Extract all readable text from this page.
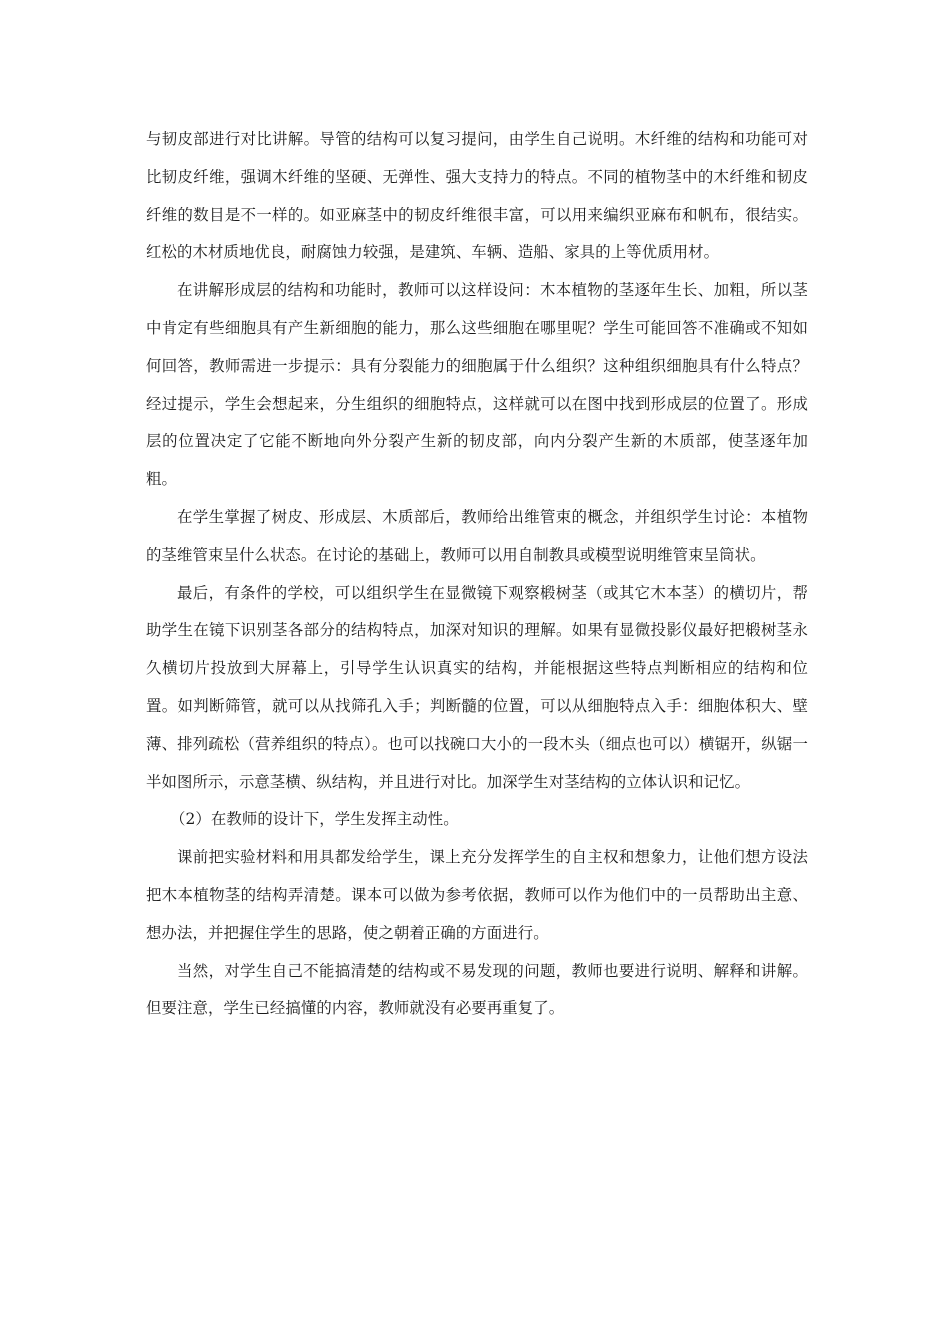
与韧皮部进行对比讲解。导管的结构可以复习提问，由学生自己说明。木纤维的结构和功能可对比韧皮纤维，强调木纤维的坚硬、无弹性、强大支持力的特点。不同的植物茎中的木纤维和韧皮纤维的数目是不一样的。如亚麻茎中的韧皮纤维很丰富，可以用来编织亚麻布和帆布，很结实。红松的木材质地优良，耐腐蚀力较强，是建筑、车辆、造船、家具的上等优质用材。

在讲解形成层的结构和功能时，教师可以这样设问：木本植物的茎逐年生长、加粗，所以茎中肯定有些细胞具有产生新细胞的能力，那么这些细胞在哪里呢？学生可能回答不准确或不知如何回答，教师需进一步提示：具有分裂能力的细胞属于什么组织？这种组织细胞具有什么特点？经过提示，学生会想起来，分生组织的细胞特点，这样就可以在图中找到形成层的位置了。形成层的位置决定了它能不断地向外分裂产生新的韧皮部，向内分裂产生新的木质部，使茎逐年加粗。

在学生掌握了树皮、形成层、木质部后，教师给出维管束的概念，并组织学生讨论：本植物的茎维管束呈什么状态。在讨论的基础上，教师可以用自制教具或模型说明维管束呈筒状。

最后，有条件的学校，可以组织学生在显微镜下观察椴树茎（或其它木本茎）的横切片，帮助学生在镜下识别茎各部分的结构特点，加深对知识的理解。如果有显微投影仪最好把椴树茎永久横切片投放到大屏幕上，引导学生认识真实的结构，并能根据这些特点判断相应的结构和位置。如判断筛管，就可以从找筛孔入手；判断髓的位置，可以从细胞特点入手：细胞体积大、壁薄、排列疏松（营养组织的特点）。也可以找碗口大小的一段木头（细点也可以）横锯开，纵锯一半如图所示，示意茎横、纵结构，并且进行对比。加深学生对茎结构的立体认识和记忆。

（2）在教师的设计下，学生发挥主动性。

课前把实验材料和用具都发给学生，课上充分发挥学生的自主权和想象力，让他们想方设法把木本植物茎的结构弄清楚。课本可以做为参考依据，教师可以作为他们中的一员帮助出主意、想办法，并把握住学生的思路，使之朝着正确的方面进行。

当然，对学生自己不能搞清楚的结构或不易发现的问题，教师也要进行说明、解释和讲解。但要注意，学生已经搞懂的内容，教师就没有必要再重复了。
